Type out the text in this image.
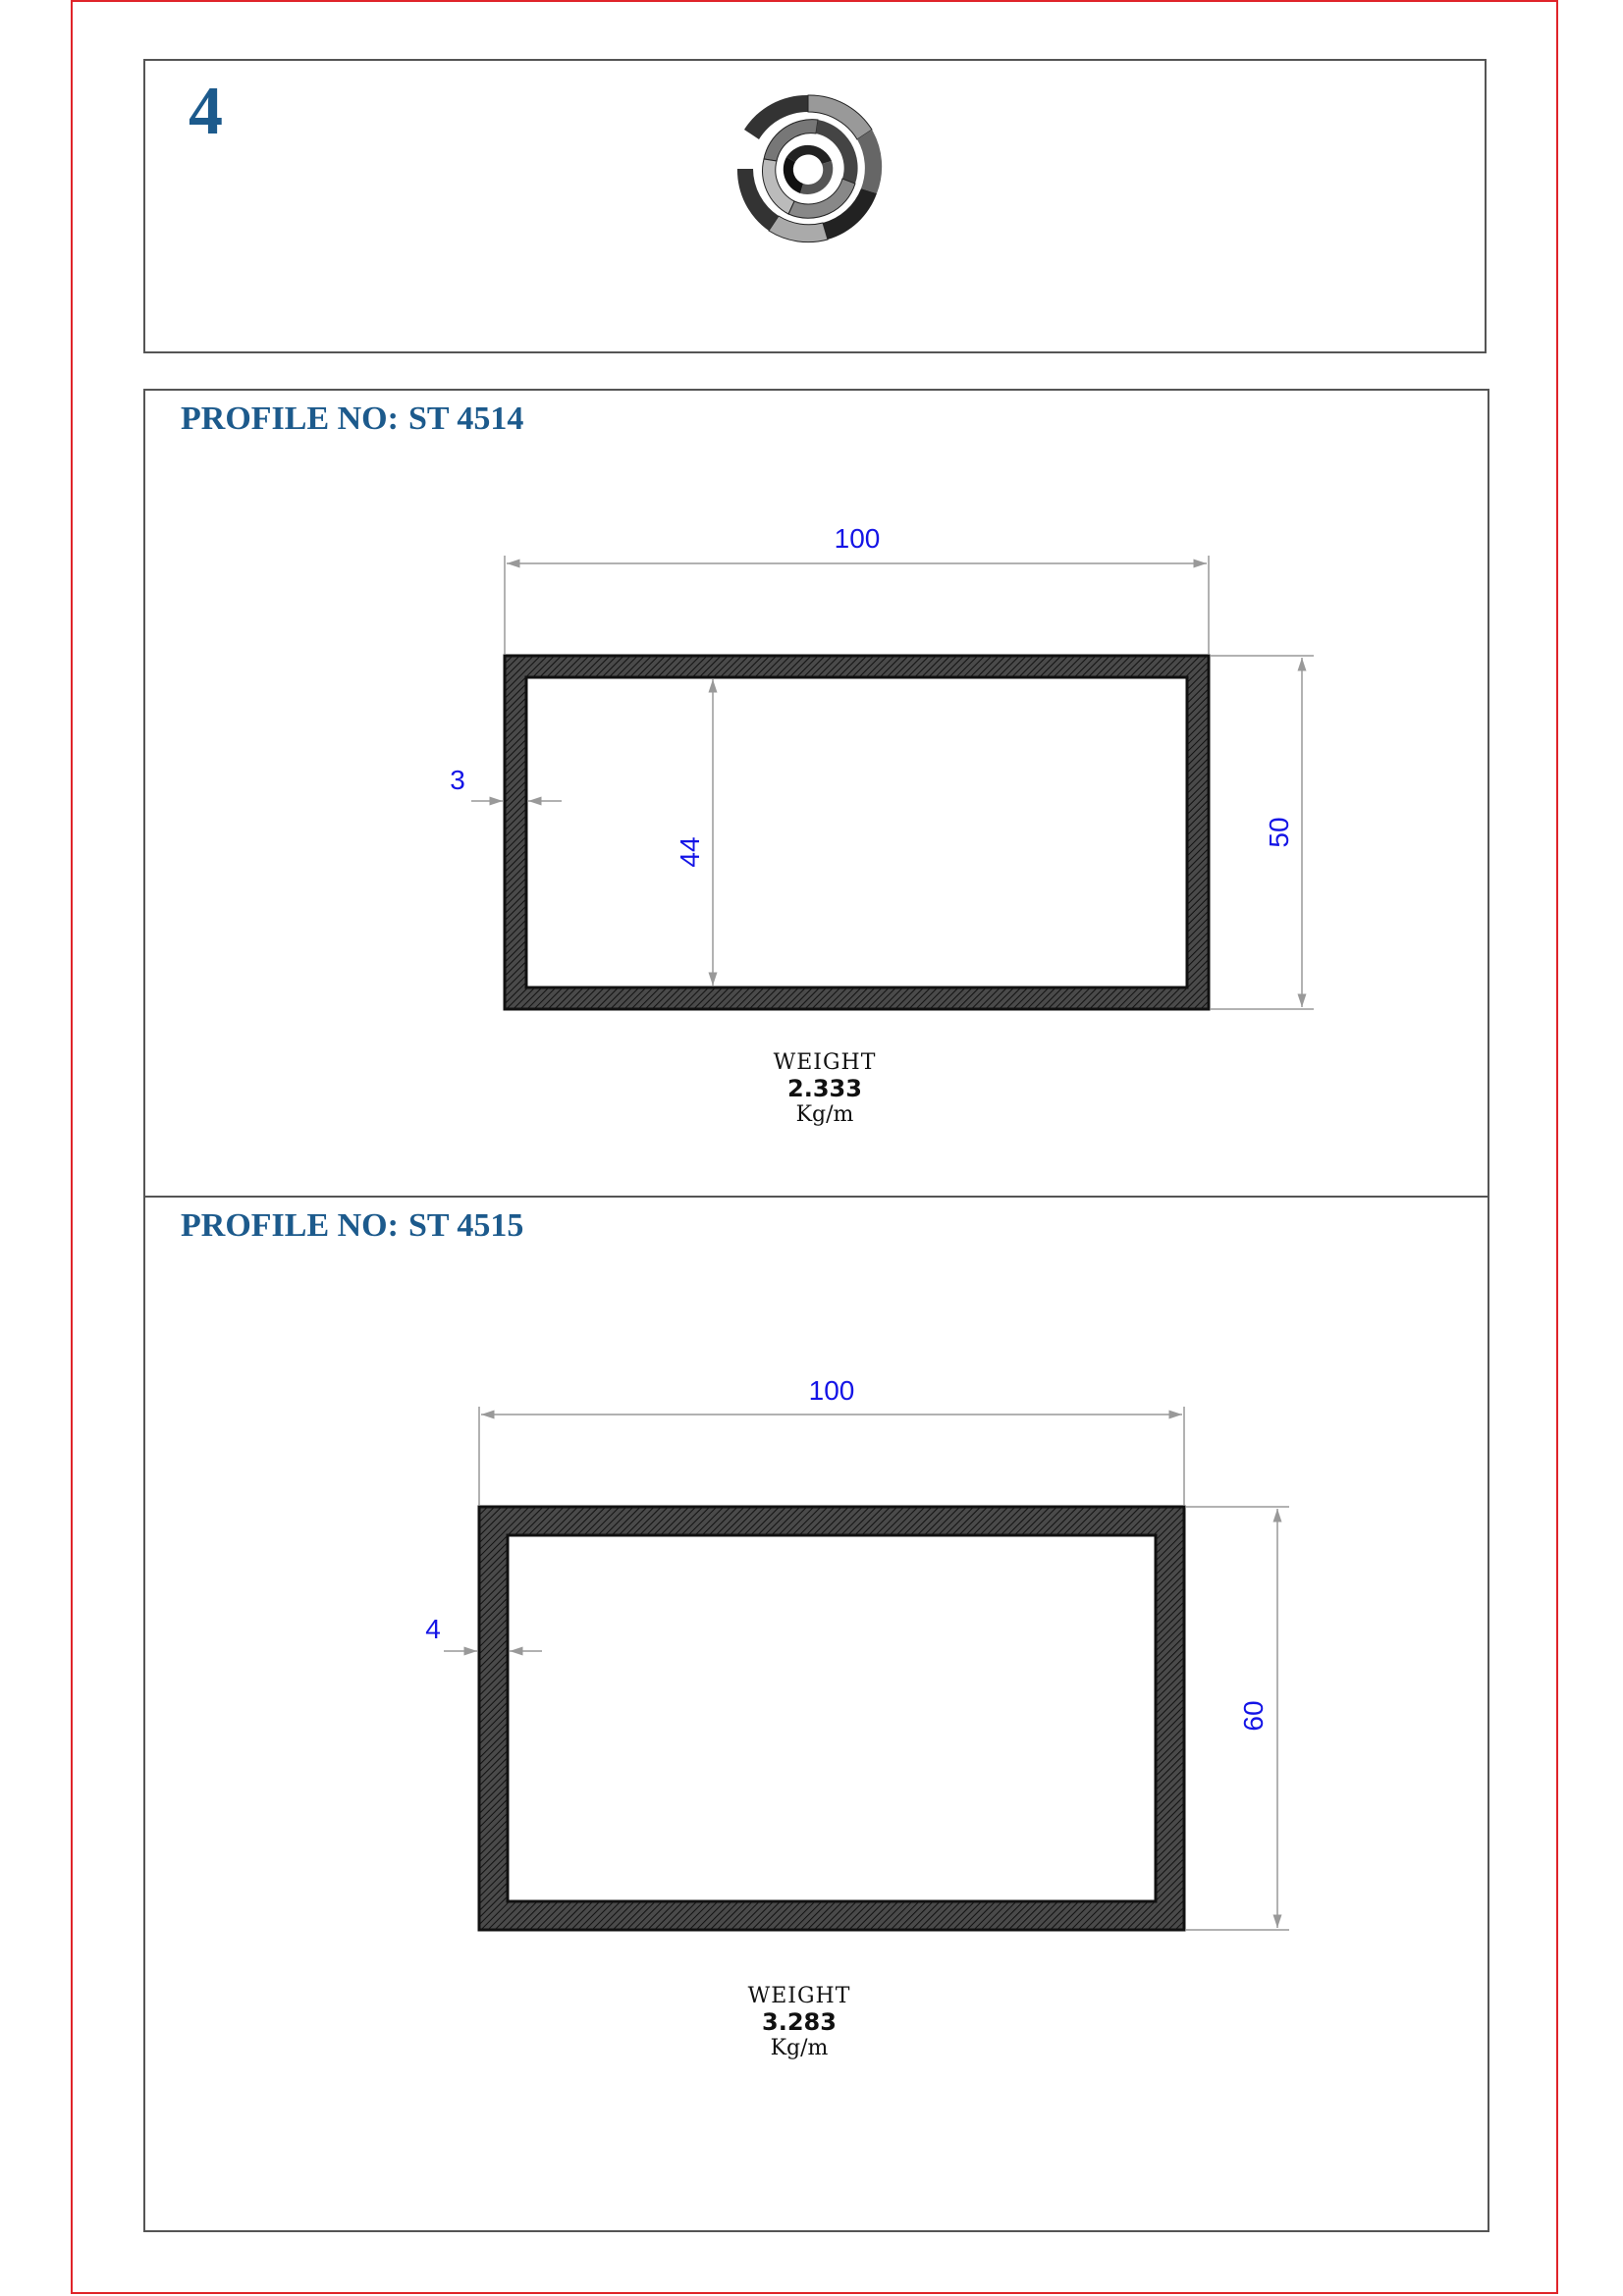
4
PROFILE NO: ST 4514
PROFILE NO: ST 4515
100
50
44
3
100
60
4
WEIGHT
2.333
Kg/m
WEIGHT
3.283
Kg/m
